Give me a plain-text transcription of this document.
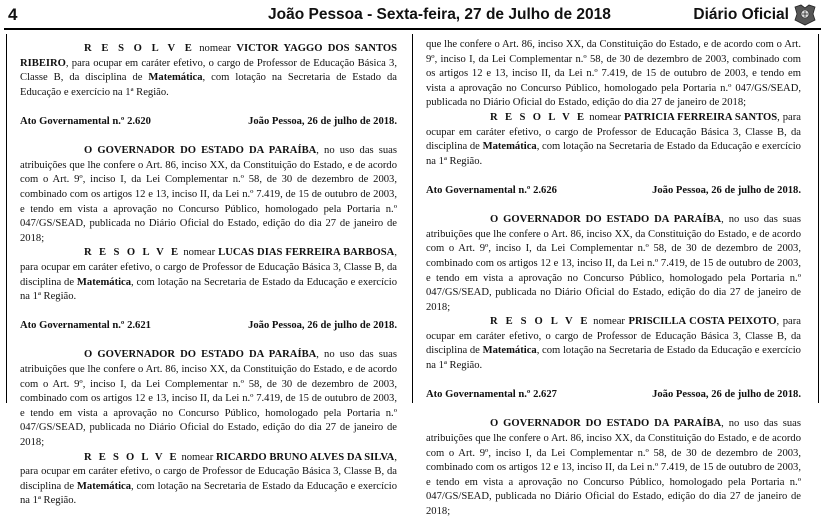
4	João Pessoa - Sexta-feira, 27 de Julho de 2018	Diário Oficial

R E S O L V E nomear VICTOR YAGGO DOS SANTOS RIBEIRO, para ocupar em caráter efetivo, o cargo de Professor de Educação Básica 3, Classe B, da disciplina de Matemática, com lotação na Secretaria de Estado da Educação e exercício na 1ª Região.

Ato Governamental n.º 2.620	João Pessoa, 26 de julho de 2018.

O GOVERNADOR DO ESTADO DA PARAÍBA, no uso das suas atribuições que lhe confere o Art. 86, inciso XX, da Constituição do Estado, e de acordo com o Art. 9º, inciso I, da Lei Complementar n.º 58, de 30 de dezembro de 2003, combinado com os artigos 12 e 13, inciso II, da Lei n.º 7.419, de 15 de outubro de 2003, e tendo em vista a aprovação no Concurso Público, homologado pela Portaria n.º 047/GS/SEAD, publicada no Diário Oficial do Estado, edição do dia 27 de janeiro de 2018;

R E S O L V E nomear LUCAS DIAS FERREIRA BARBOSA, para ocupar em caráter efetivo, o cargo de Professor de Educação Básica 3, Classe B, da disciplina de Matemática, com lotação na Secretaria de Estado da Educação e exercício na 1ª Região.

Ato Governamental n.º 2.621	João Pessoa, 26 de julho de 2018.

O GOVERNADOR DO ESTADO DA PARAÍBA, no uso das suas atribuições que lhe confere o Art. 86, inciso XX, da Constituição do Estado, e de acordo com o Art. 9º, inciso I, da Lei Complementar n.º 58, de 30 de dezembro de 2003, combinado com os artigos 12 e 13, inciso II, da Lei n.º 7.419, de 15 de outubro de 2003, e tendo em vista a aprovação no Concurso Público, homologado pela Portaria n.º 047/GS/SEAD, publicada no Diário Oficial do Estado, edição do dia 27 de janeiro de 2018;

R E S O L V E nomear RICARDO BRUNO ALVES DA SILVA, para ocupar em caráter efetivo, o cargo de Professor de Educação Básica 3, Classe B, da disciplina de Matemática, com lotação na Secretaria de Estado da Educação e exercício na 1ª Região.

que lhe confere o Art. 86, inciso XX, da Constituição do Estado, e de acordo com o Art. 9º, inciso I, da Lei Complementar n.º 58, de 30 de dezembro de 2003, combinado com os artigos 12 e 13, inciso II, da Lei n.º 7.419, de 15 de outubro de 2003, e tendo em vista a aprovação no Concurso Público, homologado pela Portaria n.º 047/GS/SEAD, publicada no Diário Oficial do Estado, edição do dia 27 de janeiro de 2018;

R E S O L V E nomear PATRICIA FERREIRA SANTOS, para ocupar em caráter efetivo, o cargo de Professor de Educação Básica 3, Classe B, da disciplina de Matemática, com lotação na Secretaria de Estado da Educação e exercício na 1ª Região.

Ato Governamental n.º 2.626	João Pessoa, 26 de julho de 2018.

O GOVERNADOR DO ESTADO DA PARAÍBA, no uso das suas atribuições que lhe confere o Art. 86, inciso XX, da Constituição do Estado, e de acordo com o Art. 9º, inciso I, da Lei Complementar n.º 58, de 30 de dezembro de 2003, combinado com os artigos 12 e 13, inciso II, da Lei n.º 7.419, de 15 de outubro de 2003, e tendo em vista a aprovação no Concurso Público, homologado pela Portaria n.º 047/GS/SEAD, publicada no Diário Oficial do Estado, edição do dia 27 de janeiro de 2018;

R E S O L V E nomear PRISCILLA COSTA PEIXOTO, para ocupar em caráter efetivo, o cargo de Professor de Educação Básica 3, Classe B, da disciplina de Matemática, com lotação na Secretaria de Estado da Educação e exercício na 1ª Região.

Ato Governamental n.º 2.627	João Pessoa, 26 de julho de 2018.

O GOVERNADOR DO ESTADO DA PARAÍBA, no uso das suas atribuições que lhe confere o Art. 86, inciso XX, da Constituição do Estado, e de acordo com o Art. 9º, inciso I, da Lei Complementar n.º 58, de 30 de dezembro de 2003, combinado com os artigos 12 e 13, inciso II, da Lei n.º 7.419, de 15 de outubro de 2003, e tendo em vista a aprovação no Concurso Público, homologado pela Portaria n.º 047/GS/SEAD, publicada no Diário Oficial do Estado, edição do dia 27 de janeiro de 2018;
